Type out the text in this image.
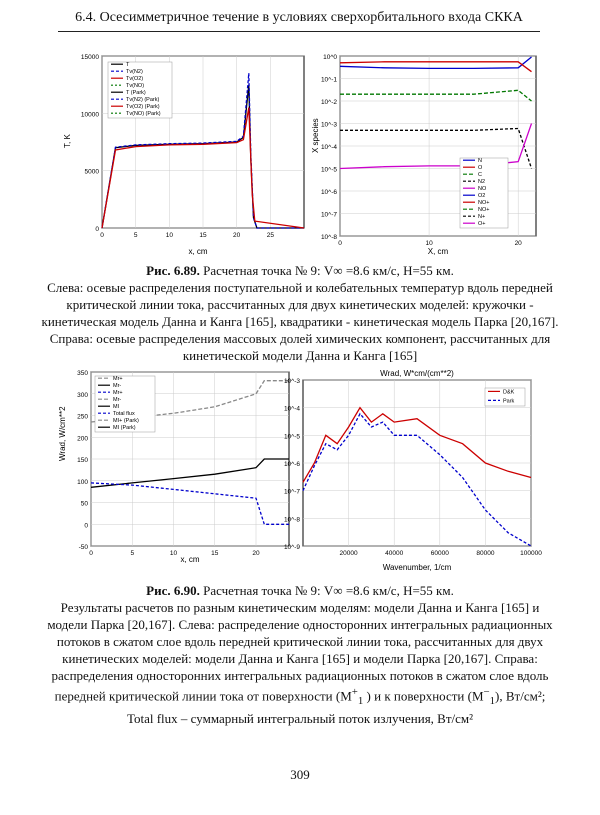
6.4. Осесимметричное течение в условиях сверхорбитального входа СККА
0
5000
10000
15000
0	5	10	15	20	25
T
Tv(N2)
Tv(O2)
Tv(NO)
T (Park)
Tv(N2) (Park)
Tv(O2) (Park)
Tv(NO) (Park)
T, K
x, cm
10^-8
10^-7
10^-6
10^-5
10^-4
10^-3
10^-2
10^-1
10^0
0	10	20
N
O
C
N2
NO
O2
NO+
NO+
N+
O+
X species
X, cm

Рис. 6.89. Расчетная точка № 9: V∞ =8.6 км/с, H=55 км.

Слева: осевые распределения поступательной и колебательных температур вдоль передней критической линии тока, рассчитанных для двух кинетических моделей: кружочки - кинетическая модель Данна и Канга [165], квадратики - кинетическая модель Парка [20,167]. Справа: осевые распределения массовых долей химических компонент, рассчитанных для кинетической модели Данна и Канга [165]

-50
0
50
100
150
200
250
300
350
0	5	10	15	20
Mr+
Mr-
Mr+
Mr-
MI
Total flux
MI+ (Park)
MI (Park)
Wrad, W/cm**2
x, cm
10^-9
10^-8
10^-7
10^-6
10^-5
10^-4
10^-3
20000	40000	60000	80000	100000
D&K
Park
Wrad, W*cm/(cm**2)
Wavenumber, 1/cm

Рис. 6.90. Расчетная точка № 9: V∞ =8.6 км/с, H=55 км.

Результаты расчетов по разным кинетическим моделям: модели Данна и Канга [165] и модели Парка [20,167]. Слева: распределение односторонних интегральных радиационных потоков в сжатом слое вдоль передней критической линии тока, рассчитанных для двух кинетических моделей: модели Данна и Канга [165] и модели Парка [20,167]. Справа: распределения односторонних интегральных радиационных потоков в сжатом слое вдоль передней критической линии тока от поверхности ($M^+_1$ ) и к поверхности $(M^-_1)$, Вт/см²; Total flux – суммарный интегральный поток излучения, Вт/см²

309
